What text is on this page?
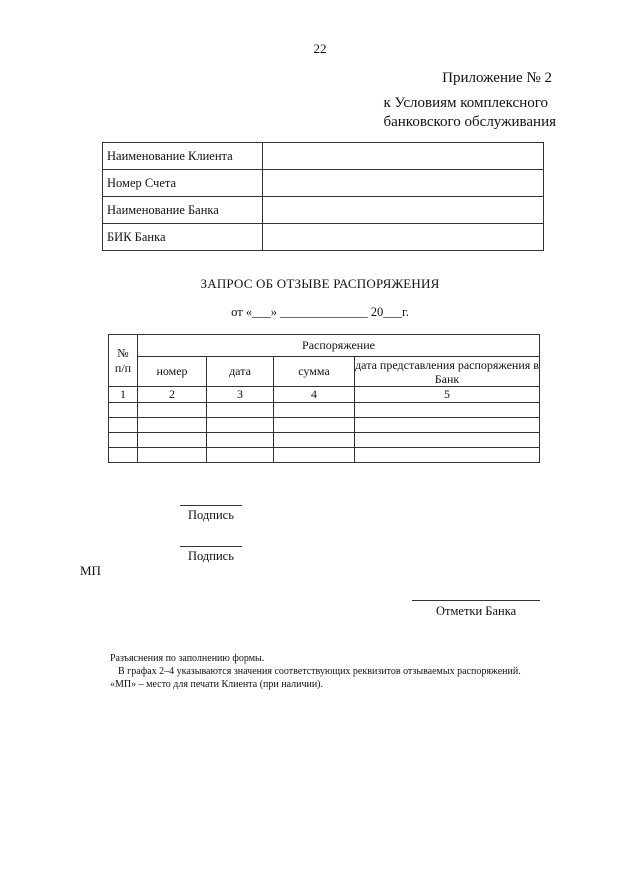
22
Приложение № 2
к Условиям комплексного
банковского обслуживания
Наименование Клиента	
Номер Счета	
Наименование Банка	
БИК Банка	
ЗАПРОС ОБ ОТЗЫВЕ РАСПОРЯЖЕНИЯ
от «___» ______________ 20___г.
№
п/п	Распоряжение			
	номер	дата	сумма	дата представления распоряжения в Банк
1	2	3	4	5

Подпись
Подпись
МП
Отметки Банка
Разъяснения по заполнению формы.
В графах 2–4 указываются значения соответствующих реквизитов отзываемых распоряжений.
«МП» – место для печати Клиента (при наличии).
